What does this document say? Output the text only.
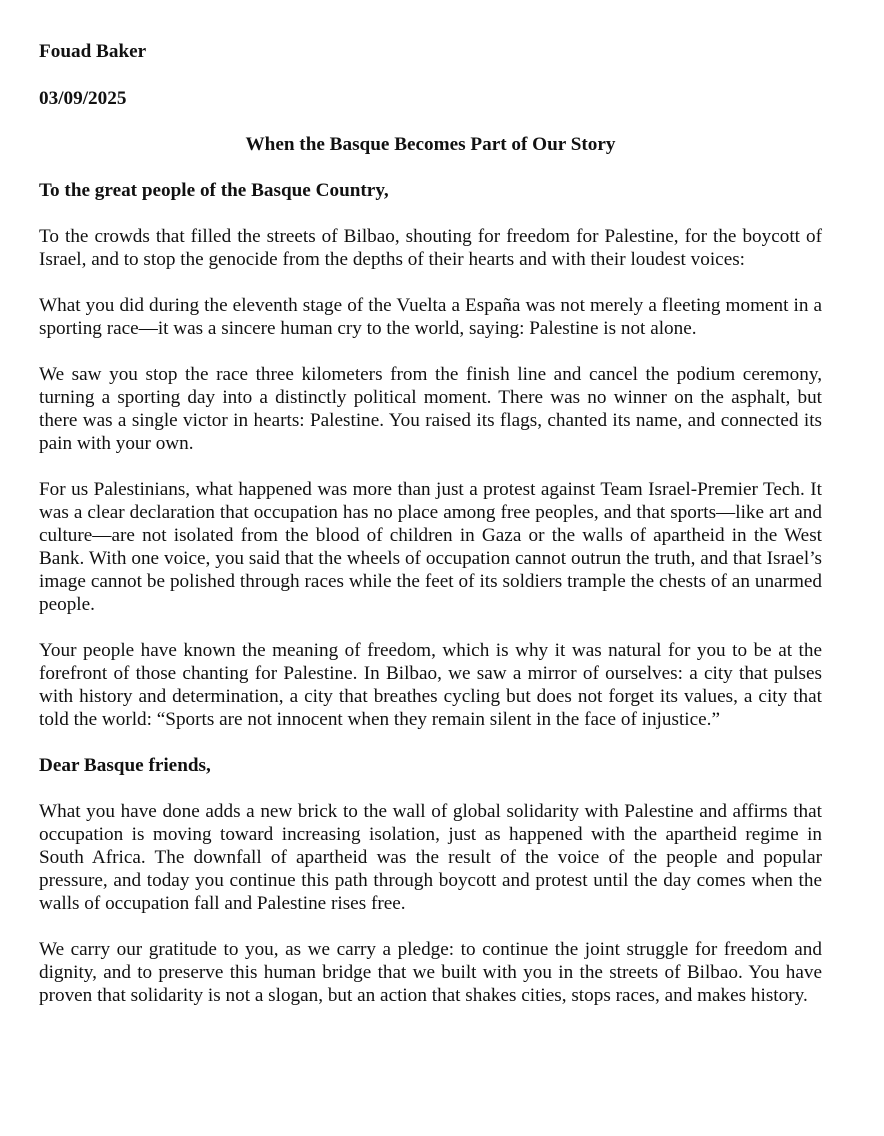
Fouad Baker

03/09/2025

When the Basque Becomes Part of Our Story

To the great people of the Basque Country,

To the crowds that filled the streets of Bilbao, shouting for freedom for Palestine, for the boycott of Israel, and to stop the genocide from the depths of their hearts and with their loudest voices:

What you did during the eleventh stage of the Vuelta a España was not merely a fleeting moment in a sporting race—it was a sincere human cry to the world, saying: Palestine is not alone.

We saw you stop the race three kilometers from the finish line and cancel the podium ceremony, turning a sporting day into a distinctly political moment. There was no winner on the asphalt, but there was a single victor in hearts: Palestine. You raised its flags, chanted its name, and connected its pain with your own.

For us Palestinians, what happened was more than just a protest against Team Israel-Premier Tech. It was a clear declaration that occupation has no place among free peoples, and that sports—like art and culture—are not isolated from the blood of children in Gaza or the walls of apartheid in the West Bank. With one voice, you said that the wheels of occupation cannot outrun the truth, and that Israel’s image cannot be polished through races while the feet of its soldiers trample the chests of an unarmed people.

Your people have known the meaning of freedom, which is why it was natural for you to be at the forefront of those chanting for Palestine. In Bilbao, we saw a mirror of ourselves: a city that pulses with history and determination, a city that breathes cycling but does not forget its values, a city that told the world: “Sports are not innocent when they remain silent in the face of injustice.”

Dear Basque friends,

What you have done adds a new brick to the wall of global solidarity with Palestine and affirms that occupation is moving toward increasing isolation, just as happened with the apartheid regime in South Africa. The downfall of apartheid was the result of the voice of the people and popular pressure, and today you continue this path through boycott and protest until the day comes when the walls of occupation fall and Palestine rises free.

We carry our gratitude to you, as we carry a pledge: to continue the joint struggle for freedom and dignity, and to preserve this human bridge that we built with you in the streets of Bilbao. You have proven that solidarity is not a slogan, but an action that shakes cities, stops races, and makes history.
